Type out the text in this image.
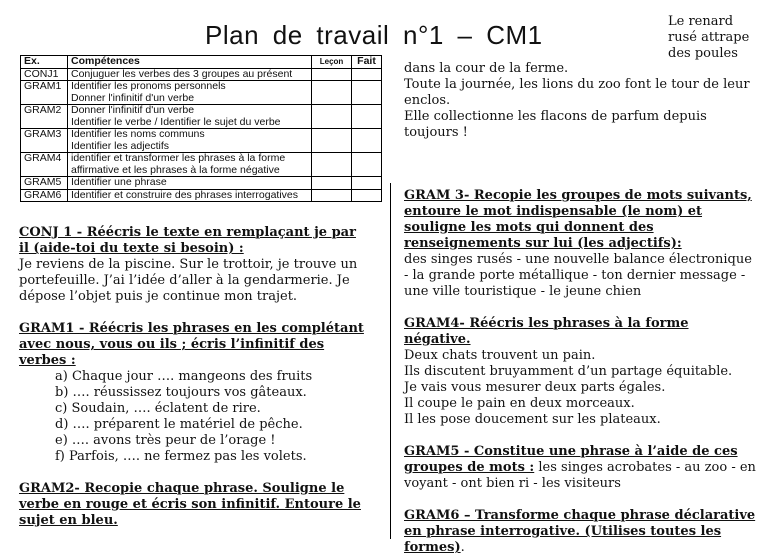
Plan de travail n°1 – CM1	Le renard rusé attrape des poules
Ex.	Compétences	Leçon	Fait
CONJ1	Conjuguer les verbes des 3 groupes au présent		

GRAM1	Identifier les pronoms personnels
Donner l'infinitif d'un verbe		

GRAM2	Donner l'infinitif d'un verbe
Identifier le verbe / Identifier le sujet du verbe		

GRAM3	Identifier les noms communs
Identifier les adjectifs		

GRAM4	identifier et transformer les phrases à la forme
affirmative et les phrases à la forme négative		

GRAM5	Identifier une phrase		

GRAM6	Identifier et construire des phrases interrogatives		

dans la cour de la ferme.
Toute la journée, les lions du zoo font le tour de leur enclos.
Elle collectionne les flacons de parfum depuis toujours !
CONJ 1 - Réécris le texte en remplaçant je par il (aide-toi du texte si besoin) :
Je reviens de la piscine. Sur le trottoir, je trouve un portefeuille. J’ai l’idée d’aller à la gendarmerie. Je dépose l’objet puis je continue mon trajet.
GRAM1 - Réécris les phrases en les complétant avec nous, vous ou ils ; écris l’infinitif des verbes :
a) Chaque jour …. mangeons des fruits
b) …. réussissez toujours vos gâteaux.
c) Soudain, …. éclatent de rire.
d) …. préparent le matériel de pêche.
e) …. avons très peur de l’orage !
f) Parfois, …. ne fermez pas les volets.
GRAM2- Recopie chaque phrase. Souligne le verbe en rouge et écris son infinitif. Entoure le sujet en bleu.
GRAM 3- Recopie les groupes de mots suivants, entoure le mot indispensable (le nom) et souligne les mots qui donnent des renseignements sur lui (les adjectifs):
des singes rusés - une nouvelle balance électronique - la grande porte métallique - ton dernier message - une ville touristique - le jeune chien
GRAM4- Réécris les phrases à la forme négative.
Deux chats trouvent un pain.
Ils discutent bruyamment d’un partage équitable.
Je vais vous mesurer deux parts égales.
Il coupe le pain en deux morceaux.
Il les pose doucement sur les plateaux.
GRAM5 - Constitue une phrase à l’aide de ces groupes de mots : les singes acrobates - au zoo - en voyant - ont bien ri - les visiteurs
GRAM6 – Transforme chaque phrase déclarative en phrase interrogative. (Utilises toutes les formes).
